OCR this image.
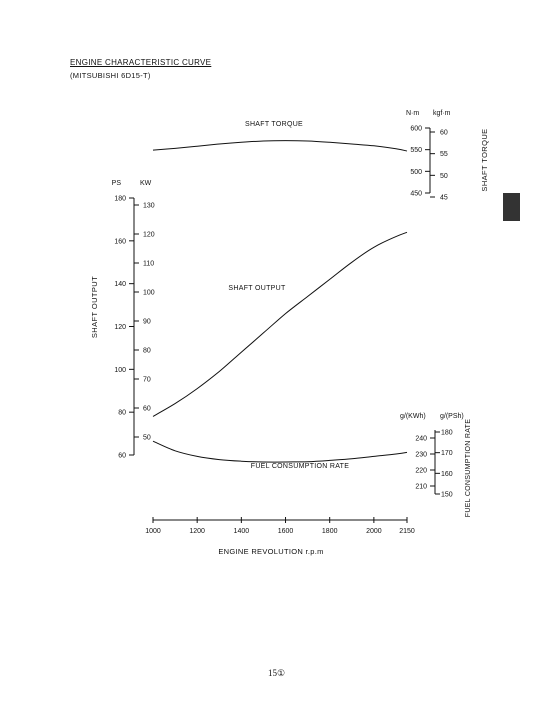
ENGINE CHARACTERISTIC CURVE
(MITSUBISHI 6D15-T)
15①
1000	1200	1400	1600	1800	2000	2150
ENGINE REVOLUTION r.p.m
60
80
100
120
140
160
180
50
60
70
80
90
100
110
120
130
PS	KW
SHAFT OUTPUT
450
500
550
600
45
50
55
60
N·m kgf·m
SHAFT TORQUE
210
220
230
240
150
160
170
180
g/(KWh) g/(PSh)
FUEL CONSUMPTION RATE
SHAFT TORQUE
SHAFT OUTPUT
FUEL CONSUMPTION RATE
